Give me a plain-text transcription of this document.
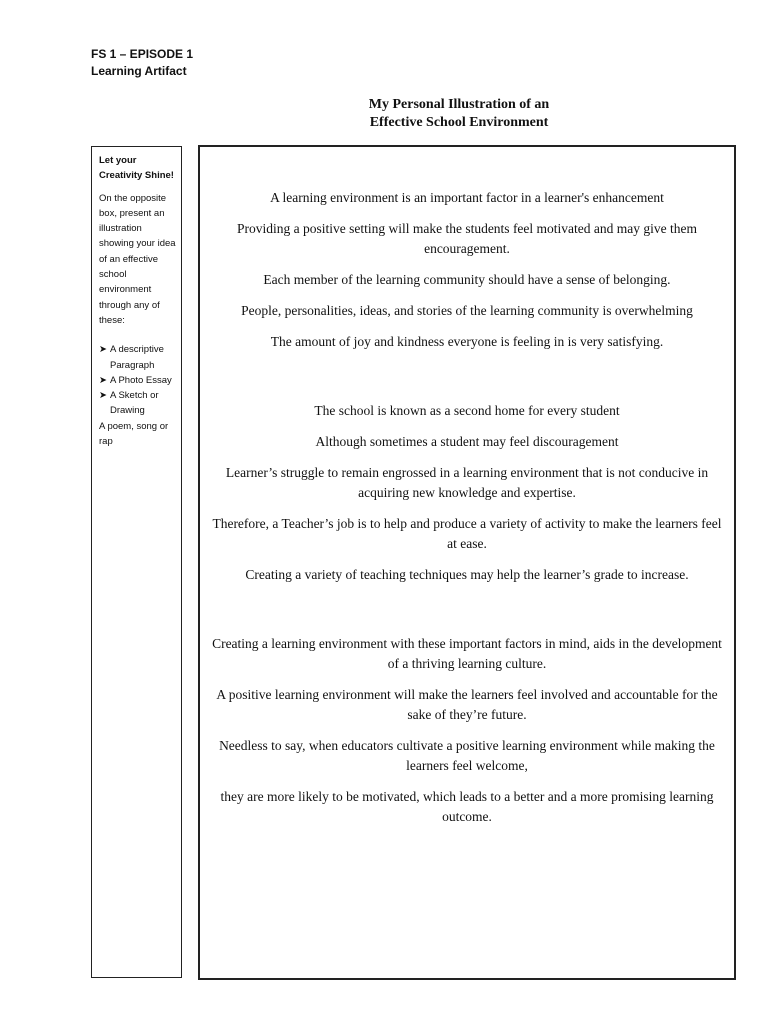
FS 1 – EPISODE 1
Learning Artifact
My Personal Illustration of an
Effective School Environment

Let your Creativity Shine!

On the opposite box, present an illustration showing your idea of an effective school environment through any of these:

➤ A descriptive Paragraph
➤ A Photo Essay
➤ A Sketch or Drawing

A poem, song or rap

A learning environment is an important factor in a learner's enhancement

Providing a positive setting will make the students feel motivated and may give them encouragement.

Each member of the learning community should have a sense of belonging.

People, personalities, ideas, and stories of the learning community is overwhelming

The amount of joy and kindness everyone is feeling in is very satisfying.

The school is known as a second home for every student

Although sometimes a student may feel discouragement

Learner’s struggle to remain engrossed in a learning environment that is not conducive in acquiring new knowledge and expertise.

Therefore, a Teacher’s job is to help and produce a variety of activity to make the learners feel at ease.

Creating a variety of teaching techniques may help the learner’s grade to increase.

Creating a learning environment with these important factors in mind, aids in the development of a thriving learning culture.

A positive learning environment will make the learners feel involved and accountable for the sake of they’re future.

Needless to say, when educators cultivate a positive learning environment while making the learners feel welcome,

they are more likely to be motivated, which leads to a better and a more promising learning outcome.
